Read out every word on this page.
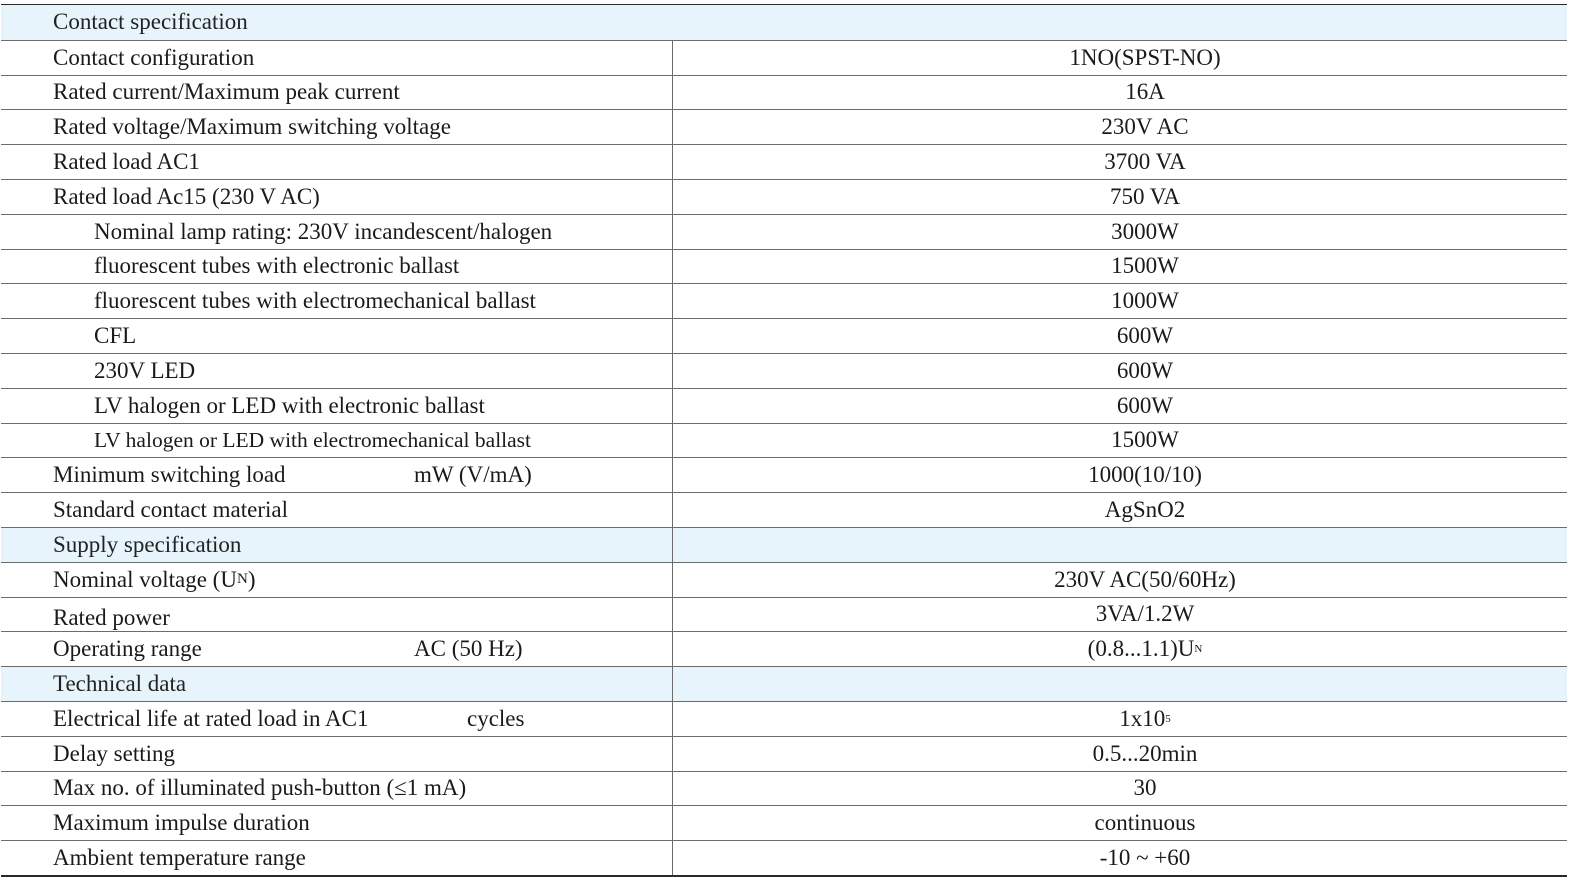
Contact specification
Contact configuration	1NO(SPST-NO)
Rated current/Maximum peak current	16A
Rated voltage/Maximum switching voltage	230V AC
Rated load AC1	3700 VA
Rated load Ac15 (230 V AC)	750 VA
Nominal lamp rating: 230V incandescent/halogen	3000W
fluorescent tubes with electronic ballast	1500W
fluorescent tubes with electromechanical ballast	1000W
CFL	600W
230V LED	600W
LV halogen or LED with electronic ballast	600W
LV halogen or LED with electromechanical ballast	1500W
Minimum switching load	mW (V/mA)	1000(10/10)
Standard contact material	AgSnO2
Supply specification
Nominal voltage (U N )	230V AC(50/60Hz)
Rated power	3VA/1.2W
Operating range	AC (50 Hz)	(0.8...1.1)U N
Technical data
Electrical life at rated load in AC1	cycles	1x10 5
Delay setting	0.5...20min
Max no. of illuminated push-button (≤1 mA)	30
Maximum impulse duration	continuous
Ambient temperature range	-10 ~ +60
